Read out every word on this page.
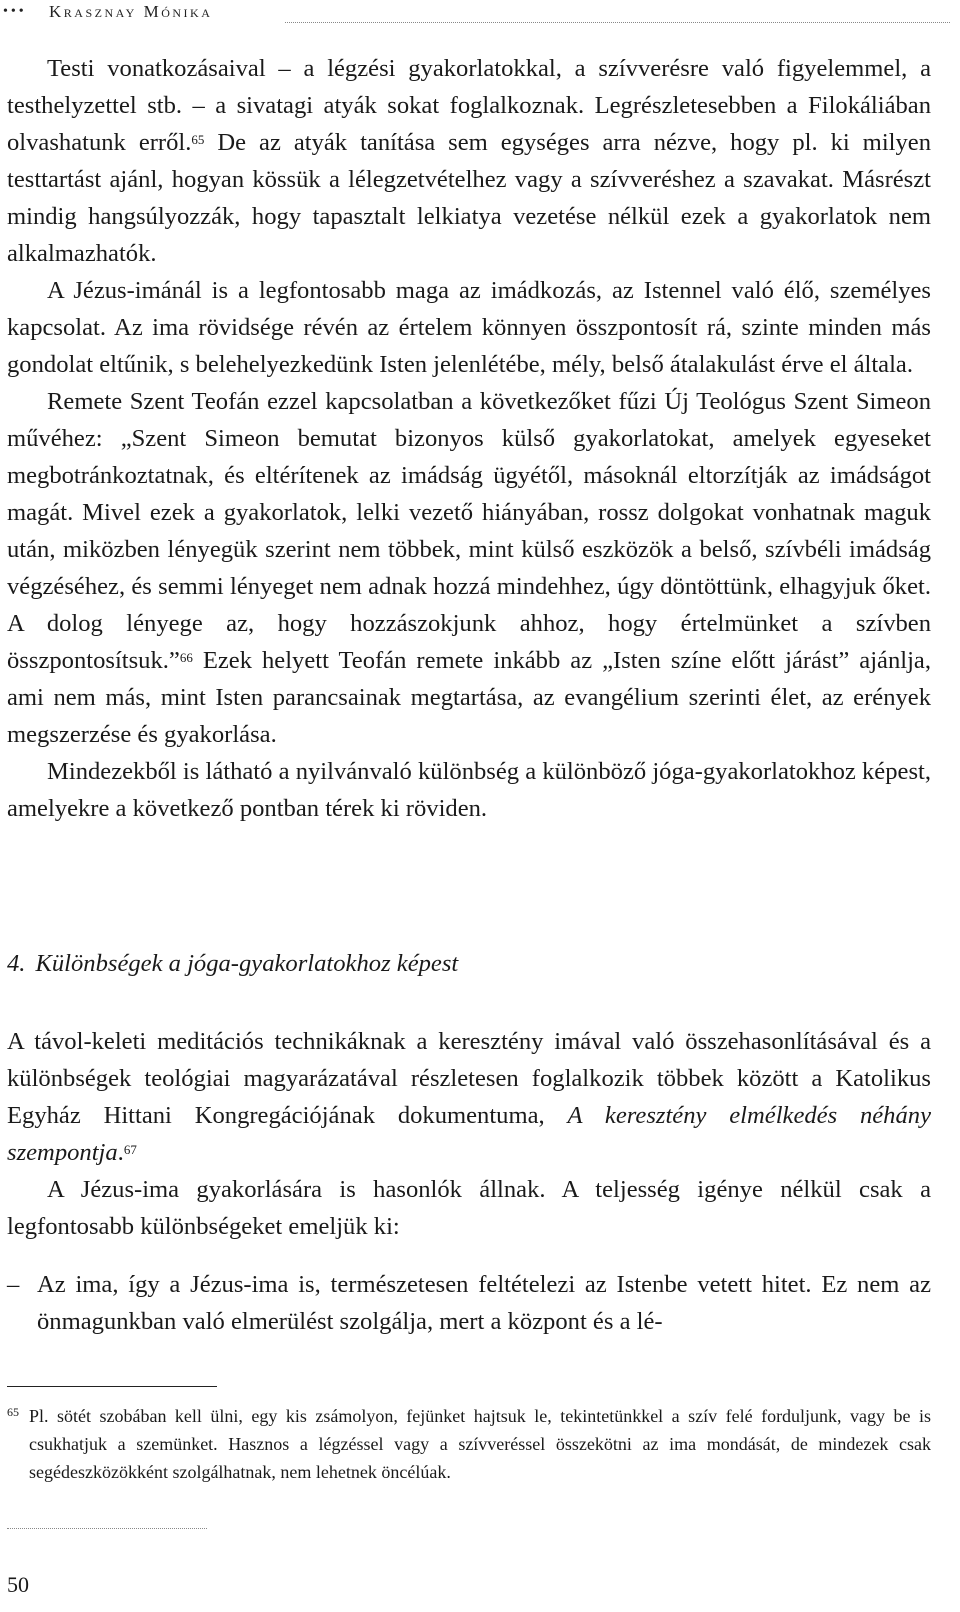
••• Krasznay Mónika

Testi vonatkozásaival – a légzési gyakorlatokkal, a szívverésre való figyelemmel, a testhelyzettel stb. – a sivatagi atyák sokat foglalkoznak. Legrészletesebben a Filokáliában olvashatunk erről.$^{65}$ De az atyák tanítása sem egységes arra nézve, hogy pl. ki milyen testtartást ajánl, hogyan kössük a lélegzetvételhez vagy a szívveréshez a szavakat. Másrészt mindig hangsúlyozzák, hogy tapasztalt lelkiatya vezetése nélkül ezek a gyakorlatok nem alkalmazhatók.

A Jézus-imánál is a legfontosabb maga az imádkozás, az Istennel való élő, személyes kapcsolat. Az ima rövidsége révén az értelem könnyen összpontosít rá, szinte minden más gondolat eltűnik, s belehelyezkedünk Isten jelenlétébe, mély, belső átalakulást érve el általa.

Remete Szent Teofán ezzel kapcsolatban a következőket fűzi Új Teológus Szent Simeon művéhez: „Szent Simeon bemutat bizonyos külső gyakorlatokat, amelyek egyeseket megbotránkoztatnak, és eltérítenek az imádság ügyétől, másoknál eltorzítják az imádságot magát. Mivel ezek a gyakorlatok, lelki vezető hiányában, rossz dolgokat vonhatnak maguk után, miközben lényegük szerint nem többek, mint külső eszközök a belső, szívbéli imádság végzéséhez, és semmi lényeget nem adnak hozzá mindehhez, úgy döntöttünk, elhagyjuk őket. A dolog lényege az, hogy hozzászokjunk ahhoz, hogy értelmünket a szívben összpontosítsuk.”$^{66}$ Ezek helyett Teofán remete inkább az „Isten színe előtt járást” ajánlja, ami nem más, mint Isten parancsainak megtartása, az evangélium szerinti élet, az erények megszerzése és gyakorlása.

Mindezekből is látható a nyilvánvaló különbség a különböző jóga-gyakorlatokhoz képest, amelyekre a következő pontban térek ki röviden.

4. Különbségek a jóga-gyakorlatokhoz képest

A távol-keleti meditációs technikáknak a keresztény imával való összehasonlításával és a különbségek teológiai magyarázatával részletesen foglalkozik többek között a Katolikus Egyház Hittani Kongregációjának dokumentuma, A keresztény elmélkedés néhány szempontja.$^{67}$

A Jézus-ima gyakorlására is hasonlók állnak. A teljesség igénye nélkül csak a legfontosabb különbségeket emeljük ki:

– Az ima, így a Jézus-ima is, természetesen feltételezi az Istenbe vetett hitet. Ez nem az önmagunkban való elmerülést szolgálja, mert a központ és a lé-

65 Pl. sötét szobában kell ülni, egy kis zsámolyon, fejünket hajtsuk le, tekintetünkkel a szív felé forduljunk, vagy be is csukhatjuk a szemünket. Hasznos a légzéssel vagy a szívveréssel összekötni az ima mondását, de mindezek csak segédeszközökként szolgálhatnak, nem lehetnek öncélúak.
50
